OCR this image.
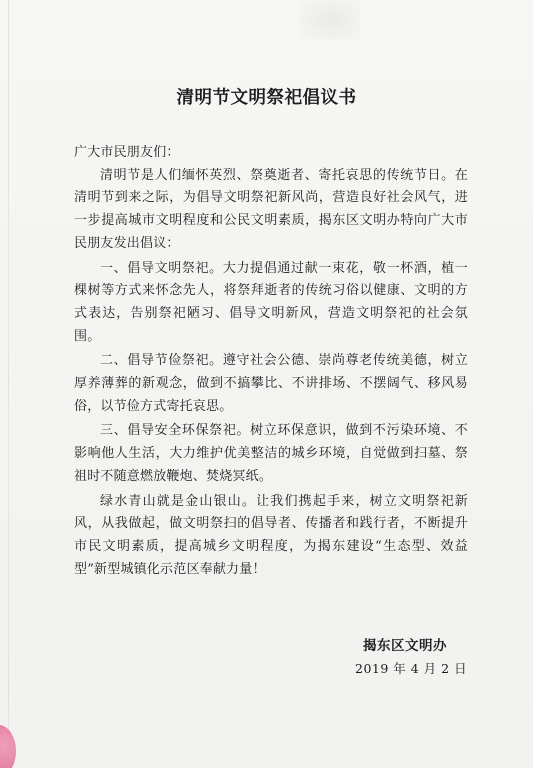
清明节文明祭祀倡议书

广大市民朋友们：

清明节是人们缅怀英烈、祭奠逝者、寄托哀思的传统节日。在清明节到来之际，为倡导文明祭祀新风尚，营造良好社会风气，进一步提高城市文明程度和公民文明素质，揭东区文明办特向广大市民朋友发出倡议：

一、倡导文明祭祀。大力提倡通过献一束花，敬一杯酒，植一棵树等方式来怀念先人，将祭拜逝者的传统习俗以健康、文明的方式表达，告别祭祀陋习、倡导文明新风，营造文明祭祀的社会氛围。

二、倡导节俭祭祀。遵守社会公德、崇尚尊老传统美德，树立厚养薄葬的新观念，做到不搞攀比、不讲排场、不摆阔气、移风易俗，以节俭方式寄托哀思。

三、倡导安全环保祭祀。树立环保意识，做到不污染环境、不影响他人生活，大力维护优美整洁的城乡环境，自觉做到扫墓、祭祖时不随意燃放鞭炮、焚烧冥纸。

绿水青山就是金山银山。让我们携起手来，树立文明祭祀新风，从我做起，做文明祭扫的倡导者、传播者和践行者，不断提升市民文明素质，提高城乡文明程度，为揭东建设“生态型、效益型”新型城镇化示范区奉献力量！

揭东区文明办
2019 年 4 月 2 日
